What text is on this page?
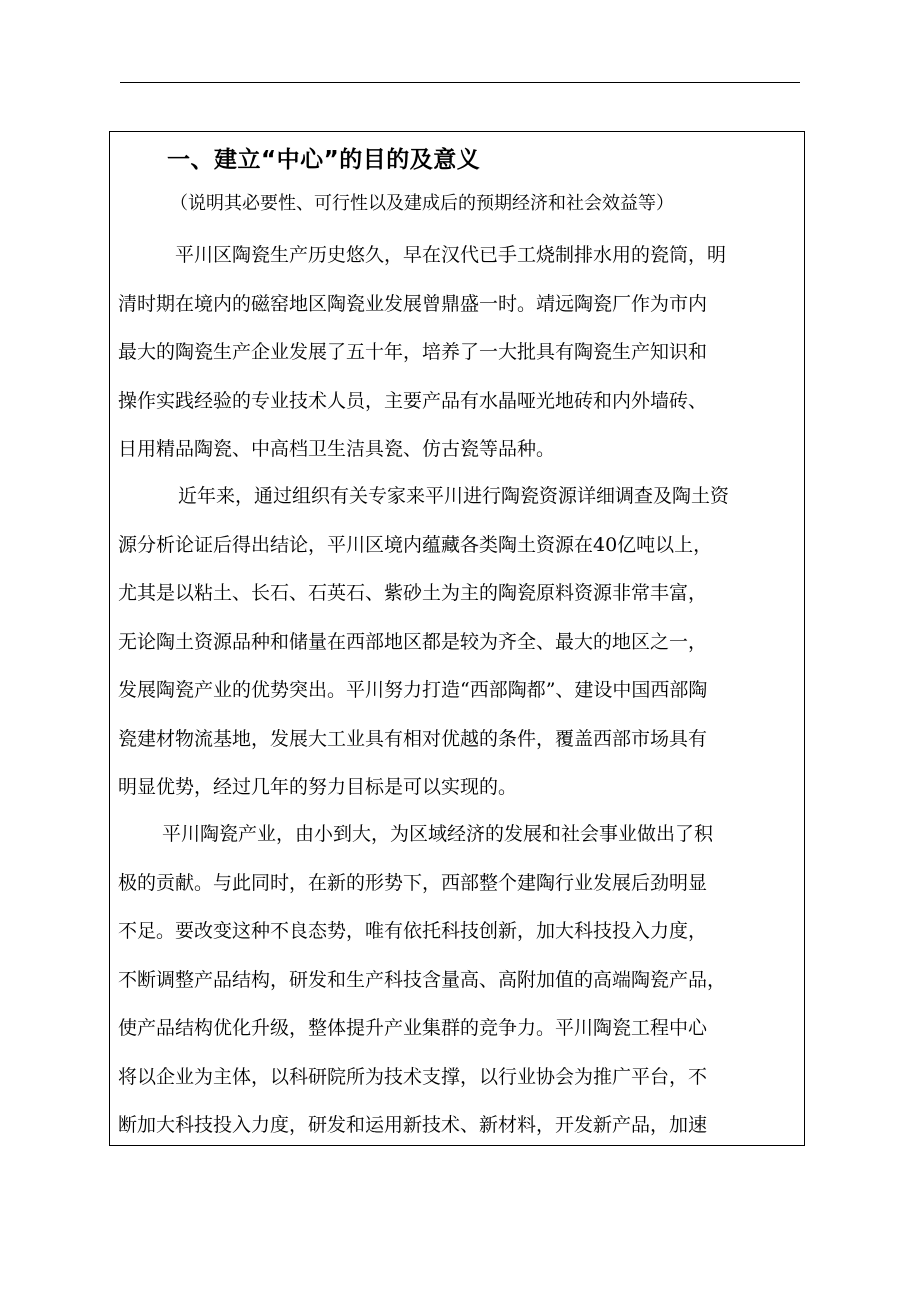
一、建立“中心”的目的及意义

（说明其必要性、可行性以及建成后的预期经济和社会效益等）

平川区陶瓷生产历史悠久，早在汉代已手工烧制排水用的瓷筒，明
清时期在境内的磁窑地区陶瓷业发展曾鼎盛一时。靖远陶瓷厂作为市内
最大的陶瓷生产企业发展了五十年，培养了一大批具有陶瓷生产知识和
操作实践经验的专业技术人员，主要产品有水晶哑光地砖和内外墙砖、
日用精品陶瓷、中高档卫生洁具瓷、仿古瓷等品种。
近年来，通过组织有关专家来平川进行陶瓷资源详细调查及陶土资
源分析论证后得出结论，平川区境内蕴藏各类陶土资源在40亿吨以上，
尤其是以粘土、长石、石英石、紫砂土为主的陶瓷原料资源非常丰富，
无论陶土资源品种和储量在西部地区都是较为齐全、最大的地区之一，
发展陶瓷产业的优势突出。平川努力打造“西部陶都”、建设中国西部陶
瓷建材物流基地，发展大工业具有相对优越的条件，覆盖西部市场具有
明显优势，经过几年的努力目标是可以实现的。
平川陶瓷产业，由小到大，为区域经济的发展和社会事业做出了积
极的贡献。与此同时，在新的形势下，西部整个建陶行业发展后劲明显
不足。要改变这种不良态势，唯有依托科技创新，加大科技投入力度，
不断调整产品结构，研发和生产科技含量高、高附加值的高端陶瓷产品，
使产品结构优化升级，整体提升产业集群的竞争力。平川陶瓷工程中心
将以企业为主体，以科研院所为技术支撑，以行业协会为推广平台，不
断加大科技投入力度，研发和运用新技术、新材料，开发新产品，加速
